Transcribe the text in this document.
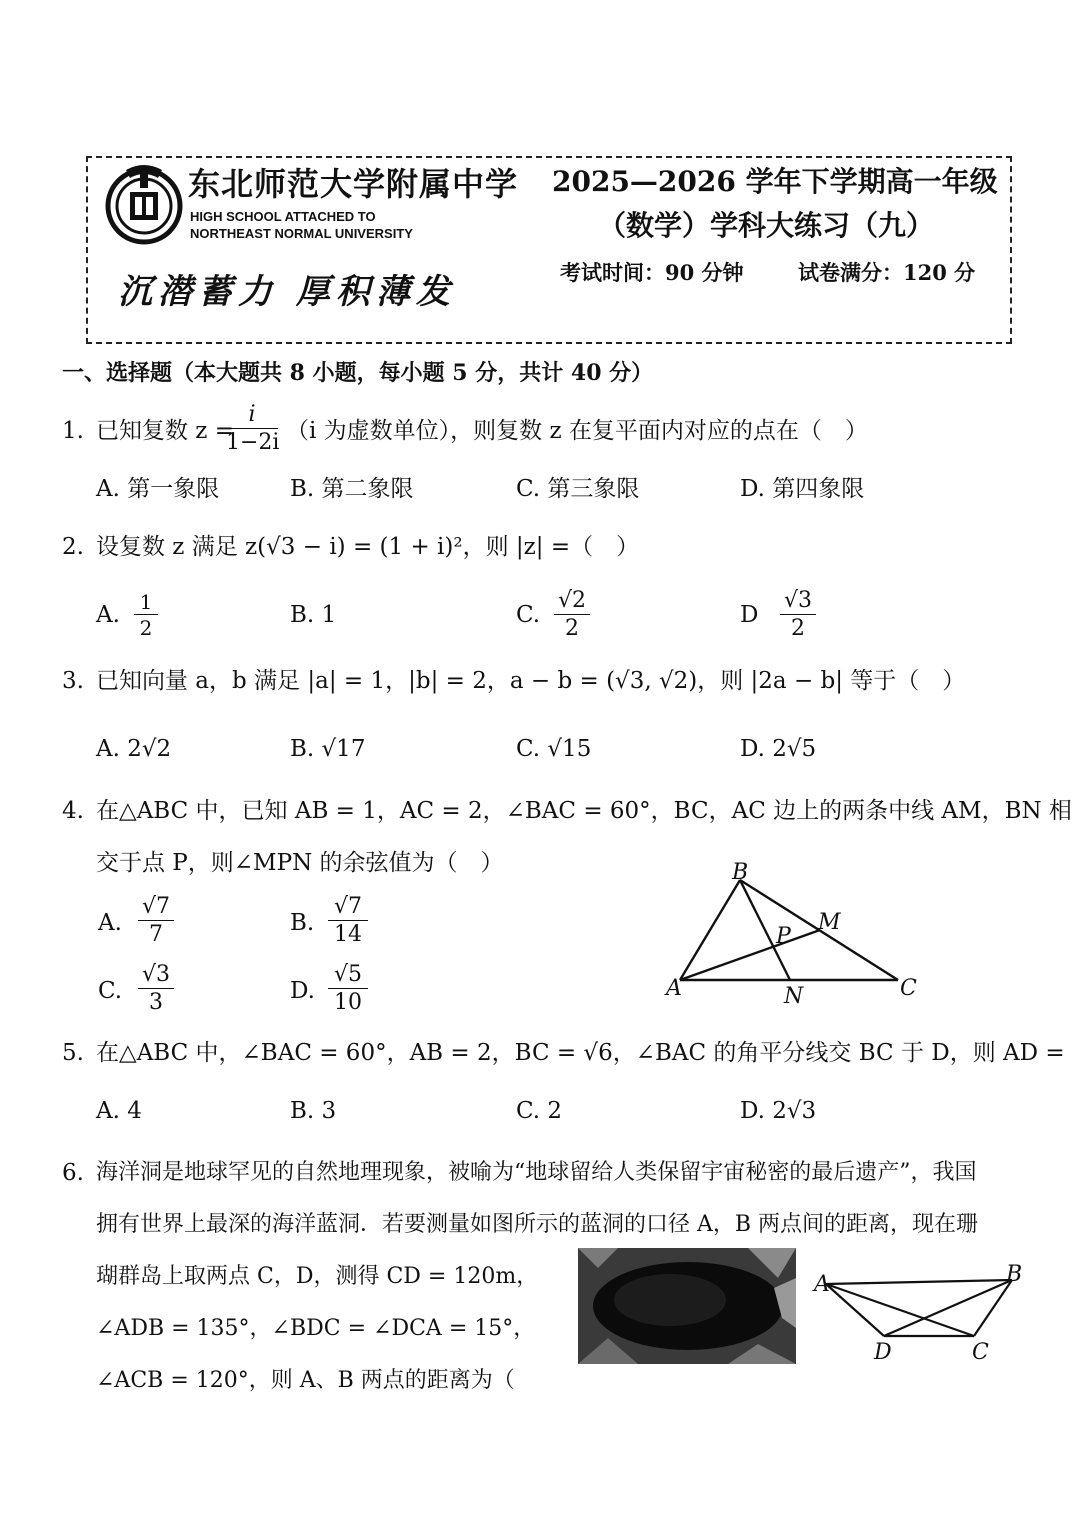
东北师范大学附属中学
HIGH SCHOOL ATTACHED TO
NORTHEAST NORMAL UNIVERSITY
沉潜蓄力 厚积薄发
2025—2026 学年下学期高一年级
（数学）学科大练习（九）
考试时间：90 分钟	试卷满分：120 分
一、选择题（本大题共 8 小题，每小题 5 分，共计 40 分）
1. 已知复数 z =
$\frac{i}{1-2i} (i$ 为虚数单位），则复数 z 在复平面内对应的点在（　）
A. 第一象限	B. 第二象限	C. 第三象限	D. 第四象限
2. 设复数 z 满足 z(√3 − i) = (1 + i)²，则 |z| =（　）
A. $\frac{1}{2}$	B. 1	C. $\frac{√2}{2}$	D $\frac{√3}{2}$
3. 已知向量 a，b 满足 |a| = 1，|b| = 2，a − b = (√3, √2)，则 |2a − b| 等于（　）
A. 2√2	B. √17	C. √15	D. 2√5
4. 在△ABC 中，已知 AB = 1，AC = 2，∠BAC = 60°，BC，AC 边上的两条中线 AM，BN 相
交于点 P，则∠MPN 的余弦值为（　）
A. $\frac{√7}{7}$	B. $\frac{√7}{14}$
C. $\frac{√3}{3}$	D. $\frac{√5}{10}$
B
A	C
M
N
P
5. 在△ABC 中，∠BAC = 60°，AB = 2，BC = √6，∠BAC 的角平分线交 BC 于 D，则 AD =
A. 4	B. 3	C. 2	D. 2√3
6. 海洋洞是地球罕见的自然地理现象，被喻为“地球留给人类保留宇宙秘密的最后遗产”，我国
拥有世界上最深的海洋蓝洞．若要测量如图所示的蓝洞的口径 A，B 两点间的距离，现在珊
瑚群岛上取两点 C，D，测得 CD = 120m，
∠ADB = 135°，∠BDC = ∠DCA = 15°，
∠ACB = 120°，则 A、B 两点的距离为（
A	B
D	C
